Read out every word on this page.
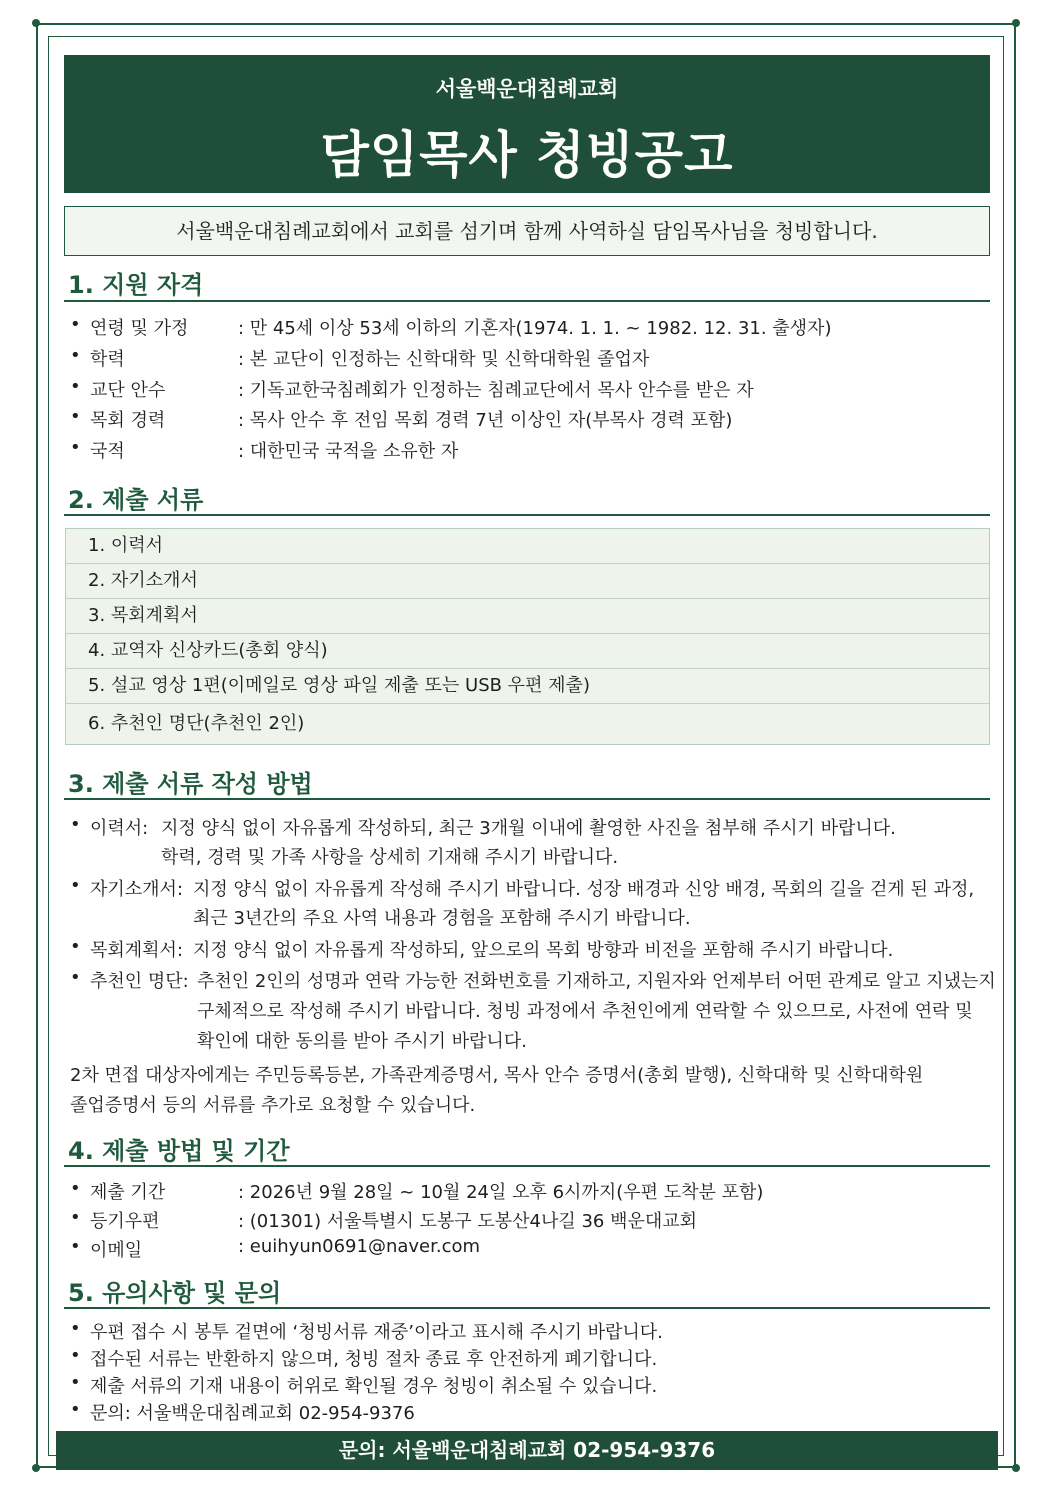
서울백운대침례교회
담임목사 청빙공고
서울백운대침례교회에서 교회를 섬기며 함께 사역하실 담임목사님을 청빙합니다.
1. 지원 자격
• 연령 및 가정	: 만 45세 이상 53세 이하의 기혼자(1974. 1. 1. ~ 1982. 12. 31. 출생자)
• 학력	: 본 교단이 인정하는 신학대학 및 신학대학원 졸업자
• 교단 안수	: 기독교한국침례회가 인정하는 침례교단에서 목사 안수를 받은 자
• 목회 경력	: 목사 안수 후 전임 목회 경력 7년 이상인 자(부목사 경력 포함)
• 국적	: 대한민국 국적을 소유한 자
2. 제출 서류
1. 이력서
2. 자기소개서
3. 목회계획서
4. 교역자 신상카드(총회 양식)
5. 설교 영상 1편(이메일로 영상 파일 제출 또는 USB 우편 제출)
6. 추천인 명단(추천인 2인)
3. 제출 서류 작성 방법
• 이력서: 지정 양식 없이 자유롭게 작성하되, 최근 3개월 이내에 촬영한 사진을 첨부해 주시기 바랍니다.
학력, 경력 및 가족 사항을 상세히 기재해 주시기 바랍니다.
• 자기소개서: 지정 양식 없이 자유롭게 작성해 주시기 바랍니다. 성장 배경과 신앙 배경, 목회의 길을 걷게 된 과정,
최근 3년간의 주요 사역 내용과 경험을 포함해 주시기 바랍니다.
• 목회계획서: 지정 양식 없이 자유롭게 작성하되, 앞으로의 목회 방향과 비전을 포함해 주시기 바랍니다.
• 추천인 명단: 추천인 2인의 성명과 연락 가능한 전화번호를 기재하고, 지원자와 언제부터 어떤 관계로 알고 지냈는지
구체적으로 작성해 주시기 바랍니다. 청빙 과정에서 추천인에게 연락할 수 있으므로, 사전에 연락 및
확인에 대한 동의를 받아 주시기 바랍니다.
2차 면접 대상자에게는 주민등록등본, 가족관계증명서, 목사 안수 증명서(총회 발행), 신학대학 및 신학대학원
졸업증명서 등의 서류를 추가로 요청할 수 있습니다.
4. 제출 방법 및 기간
• 제출 기간	: 2026년 9월 28일 ~ 10월 24일 오후 6시까지(우편 도착분 포함)
• 등기우편	: (01301) 서울특별시 도봉구 도봉산4나길 36 백운대교회
• 이메일	: euihyun0691@naver.com
5. 유의사항 및 문의
• 우편 접수 시 봉투 겉면에 ‘청빙서류 재중’이라고 표시해 주시기 바랍니다.
• 접수된 서류는 반환하지 않으며, 청빙 절차 종료 후 안전하게 폐기합니다.
• 제출 서류의 기재 내용이 허위로 확인될 경우 청빙이 취소될 수 있습니다.
• 문의: 서울백운대침례교회 02-954-9376
문의: 서울백운대침례교회 02-954-9376
